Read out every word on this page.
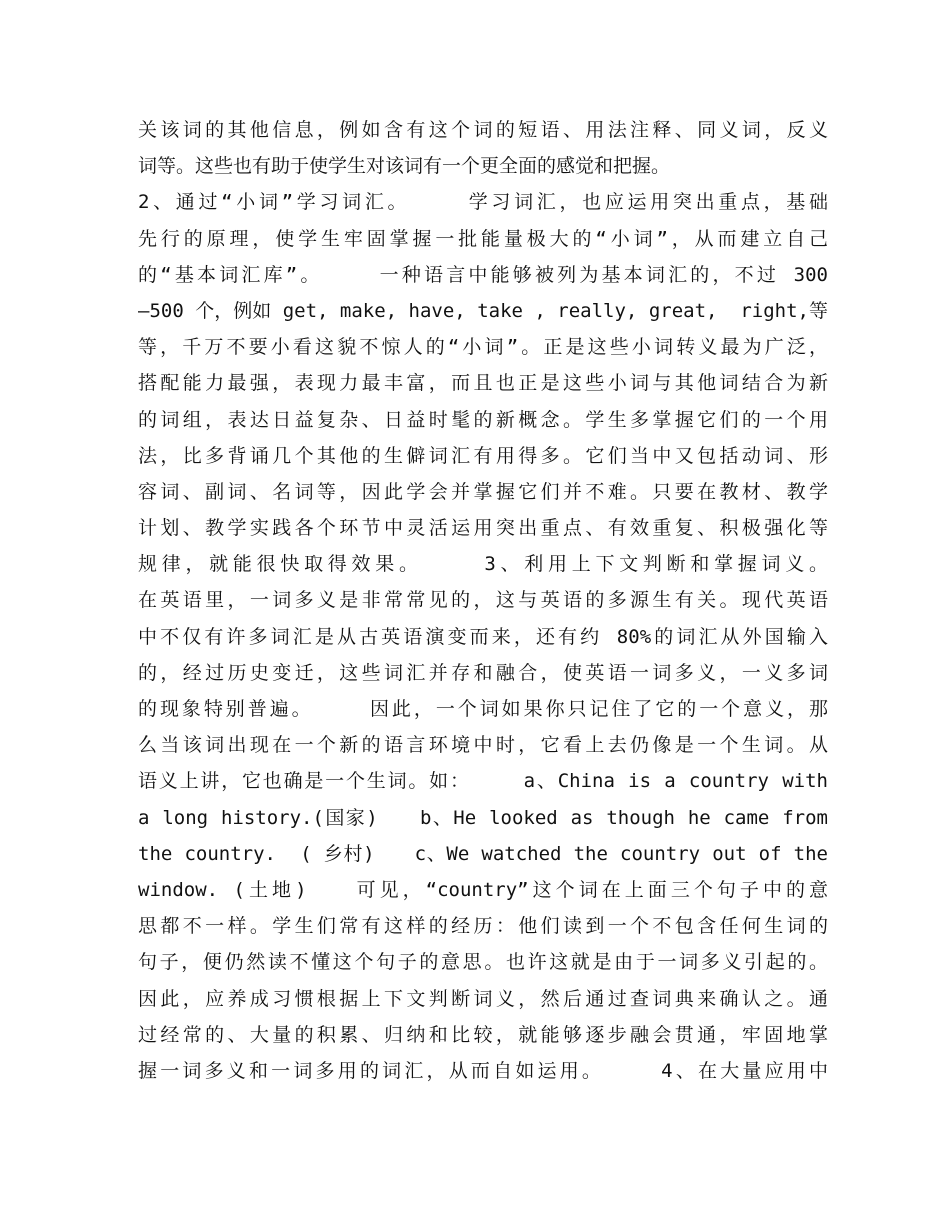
关该词的其他信息，例如含有这个词的短语、用法注释、同义词，反义
词等。这些也有助于使学生对该词有一个更全面的感觉和把握。
2、通过“小词”学习词汇。　　　学习词汇，也应运用突出重点，基础
先行的原理，使学生牢固掌握一批能量极大的“小词”，从而建立自己
的“基本词汇库”。　　　一种语言中能够被列为基本词汇的，不过 300
—500 个，例如 get, make, have, take , really, great,  right,等
等，千万不要小看这貌不惊人的“小词”。正是这些小词转义最为广泛，
搭配能力最强，表现力最丰富，而且也正是这些小词与其他词结合为新
的词组，表达日益复杂、日益时髦的新概念。学生多掌握它们的一个用
法，比多背诵几个其他的生僻词汇有用得多。它们当中又包括动词、形
容词、副词、名词等，因此学会并掌握它们并不难。只要在教材、教学
计划、教学实践各个环节中灵活运用突出重点、有效重复、积极强化等
规律，就能很快取得效果。　　　3、利用上下文判断和掌握词义。
在英语里，一词多义是非常常见的，这与英语的多源生有关。现代英语
中不仅有许多词汇是从古英语演变而来，还有约 80%的词汇从外国输入
的，经过历史变迁，这些词汇并存和融合，使英语一词多义，一义多词
的现象特别普遍。　　　因此，一个词如果你只记住了它的一个意义，那
么当该词出现在一个新的语言环境中时，它看上去仍像是一个生词。从
语义上讲，它也确是一个生词。如：　　　a、China is a country with
a long history.(国家)　　b、He looked as though he came from
the country.  ( 乡村)　　c、We watched the country out of the
window. (土地)　　可见，“country”这个词在上面三个句子中的意
思都不一样。学生们常有这样的经历：他们读到一个不包含任何生词的
句子，便仍然读不懂这个句子的意思。也许这就是由于一词多义引起的。
因此，应养成习惯根据上下文判断词义，然后通过查词典来确认之。通
过经常的、大量的积累、归纳和比较，就能够逐步融会贯通，牢固地掌
握一词多义和一词多用的词汇，从而自如运用。　　　4、在大量应用中
